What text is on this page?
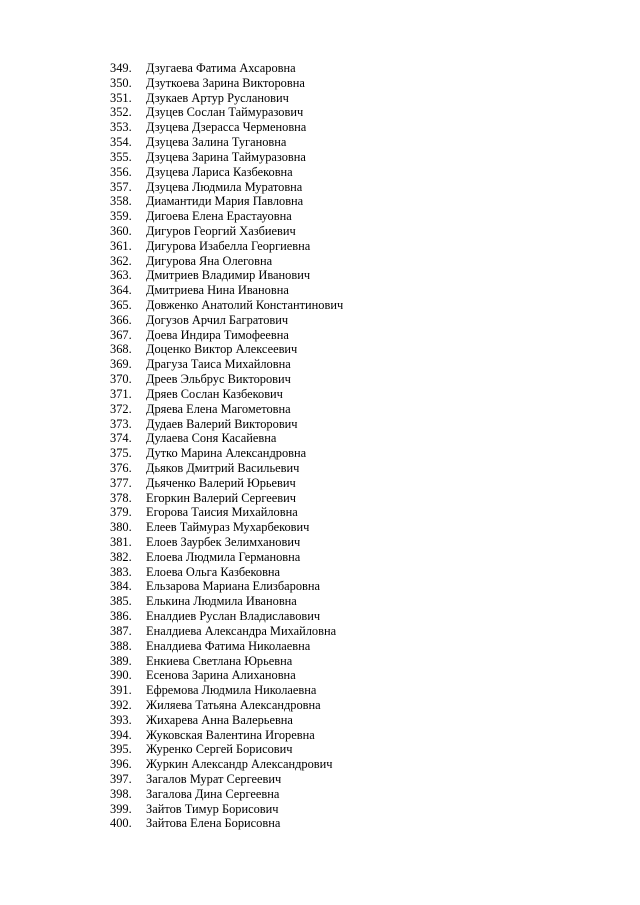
349. Дзугаева Фатима Ахсаровна
350. Дзуткоева Зарина Викторовна
351. Дзукаев Артур Русланович
352. Дзуцев Сослан Таймуразович
353. Дзуцева Дзерасса Черменовна
354. Дзуцева Залина Тугановна
355. Дзуцева Зарина Таймуразовна
356. Дзуцева Лариса Казбековна
357. Дзуцева Людмила Муратовна
358. Диамантиди Мария Павловна
359. Дигоева Елена Ерастауовна
360. Дигуров Георгий Хазбиевич
361. Дигурова Изабелла Георгиевна
362. Дигурова Яна Олеговна
363. Дмитриев Владимир Иванович
364. Дмитриева Нина Ивановна
365. Довженко Анатолий Константинович
366. Догузов Арчил Багратович
367. Доева Индира Тимофеевна
368. Доценко Виктор Алексеевич
369. Драгуза Таиса Михайловна
370. Дреев Эльбрус Викторович
371. Дряев Сослан Казбекович
372. Дряева Елена Магометовна
373. Дудаев Валерий Викторович
374. Дулаева Соня Касайевна
375. Дутко Марина Александровна
376. Дьяков Дмитрий Васильевич
377. Дьяченко Валерий Юрьевич
378. Егоркин Валерий Сергеевич
379. Егорова Таисия Михайловна
380. Елеев Таймураз Мухарбекович
381. Елоев Заурбек Зелимханович
382. Елоева Людмила Германовна
383. Елоева Ольга Казбековна
384. Ельзарова Мариана Елизбаровна
385. Елькина Людмила Ивановна
386. Еналдиев Руслан Владиславович
387. Еналдиева Александра Михайловна
388. Еналдиева Фатима Николаевна
389. Енкиева Светлана Юрьевна
390. Есенова Зарина Алихановна
391. Ефремова Людмила Николаевна
392. Жиляева Татьяна Александровна
393. Жихарева Анна Валерьевна
394. Жуковская Валентина Игоревна
395. Журенко Сергей Борисович
396. Журкин Александр Александрович
397. Загалов Мурат Сергеевич
398. Загалова Дина Сергеевна
399. Зайтов Тимур Борисович
400. Зайтова Елена Борисовна
